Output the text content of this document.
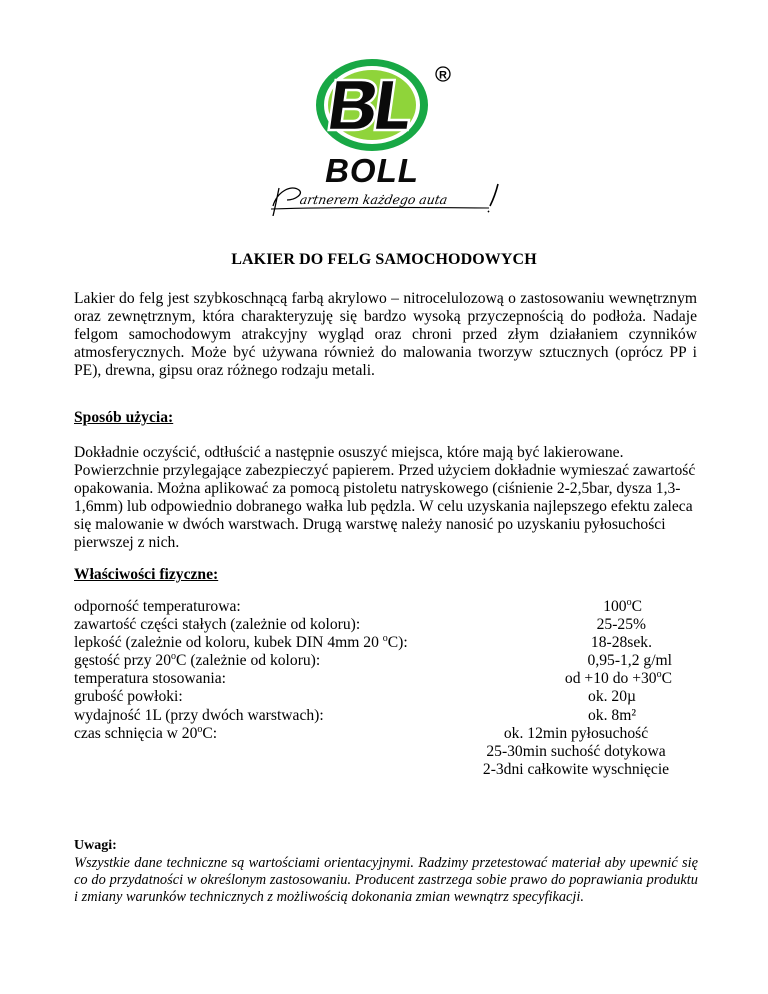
R
BOLL
artnerem każdego auta
LAKIER DO FELG SAMOCHODOWYCH

Lakier do felg jest szybkoschnącą farbą akrylowo – nitrocelulozową o zastosowaniu wewnętrznym oraz zewnętrznym, która charakteryzuję się bardzo wysoką przyczepnością do podłoża. Nadaje felgom samochodowym atrakcyjny wygląd oraz chroni przed złym działaniem czynników atmosferycznych. Może być używana również do malowania tworzyw sztucznych (oprócz PP i PE), drewna, gipsu oraz różnego rodzaju metali.

Sposób użycia:

Dokładnie oczyścić, odtłuścić a następnie osuszyć miejsca, które mają być lakierowane. Powierzchnie przylegające zabezpieczyć papierem. Przed użyciem dokładnie wymieszać zawartość opakowania. Można aplikować za pomocą pistoletu natryskowego (ciśnienie 2-2,5bar, dysza 1,3-1,6mm) lub odpowiednio dobranego wałka lub pędzla. W celu uzyskania najlepszego efektu zaleca się malowanie w dwóch warstwach. Drugą warstwę należy nanosić po uzyskaniu pyłosuchości pierwszej z nich.

Właściwości fizyczne:

odporność temperaturowa:	100$^o$C
zawartość części stałych (zależnie od koloru):	25-25%
lepkość (zależnie od koloru, kubek DIN 4mm 20 $^o$C):	18-28sek.
gęstość przy 20$^o$C (zależnie od koloru):	0,95-1,2 g/ml
temperatura stosowania:	od +10 do $+30^oC$
grubość powłoki:	ok. 20µ
wydajność 1L (przy dwóch warstwach):	ok. 8m²
czas schnięcia w 20$^o$C:	ok. 12min pyłosuchość
25-30min suchość dotykowa
2-3dni całkowite wyschnięcie

Uwagi:

Wszystkie dane techniczne są wartościami orientacyjnymi. Radzimy przetestować materiał aby upewnić się co do przydatności w określonym zastosowaniu. Producent zastrzega sobie prawo do poprawiania produktu i zmiany warunków technicznych z możliwością dokonania zmian wewnątrz specyfikacji.
